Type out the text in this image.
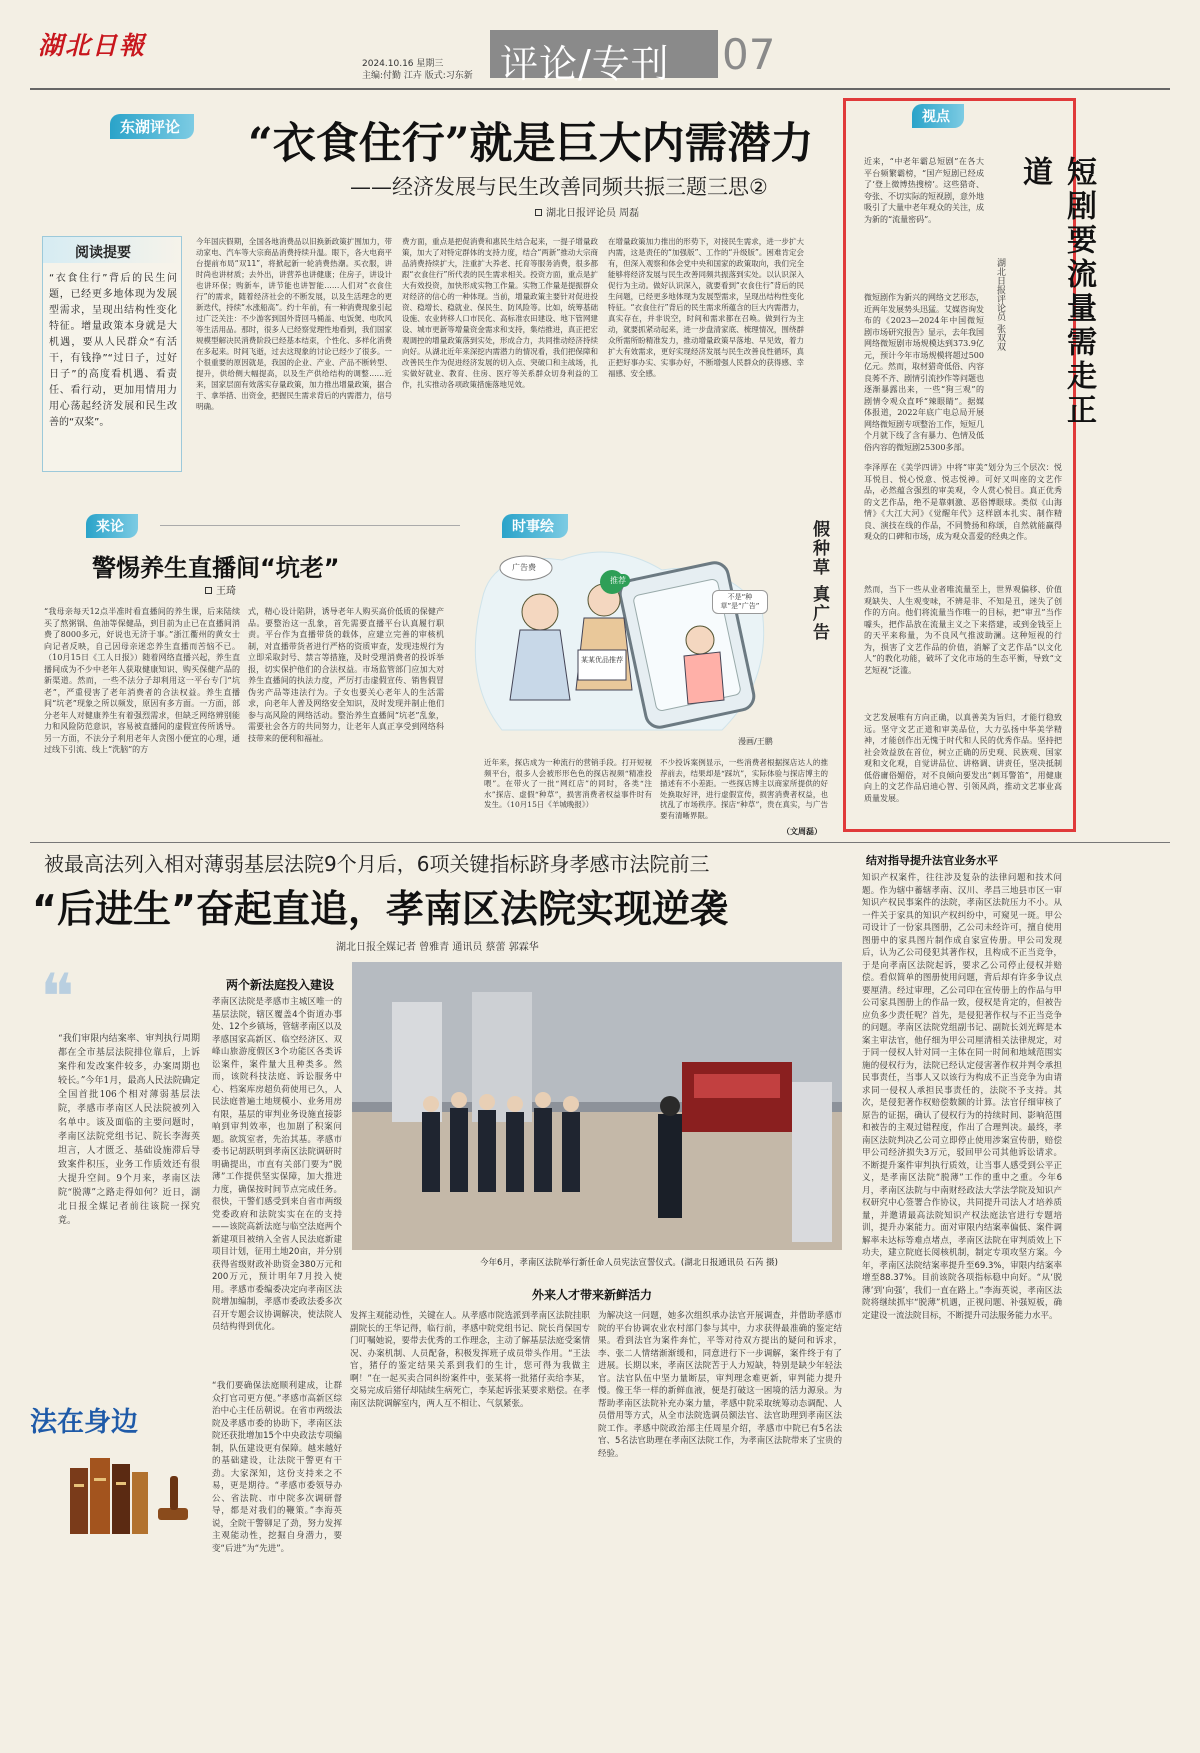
湖北日報
2024.10.16 星期三
主编:付勤 江卉 版式:习东新 评论/专刊 07
东湖评论	“衣食住行”就是巨大内需潜力
——经济发展与民生改善同频共振三题三思②
湖北日报评论员 周磊
阅读提要
“衣食住行”背后的民生问题，已经更多地体现为发展型需求，呈现出结构性变化特征。增量政策本身就是大机遇，要从人民群众“有活干，有钱挣”“过日子，过好日子”的高度看机遇、看责任、看行动，更加用情用力用心荡起经济发展和民生改善的“双桨”。
今年国庆假期，全国各地消费品以旧换新政策扩围加力，带动家电、汽车等大宗商品消费持续升温。眼下，各大电商平台提前布局“双11”，将掀起新一轮消费热潮。买衣服，讲时尚也讲材质；去外出，讲营养也讲健康；住房子，讲设计也讲环保；购新车，讲节能也讲智能……人们对“衣食住行”的需求，随着经济社会的不断发展，以及生活理念的更新迭代，持续“水涨船高”。约十年前，有一种消费现象引起过广泛关注：不少游客到国外背回马桶盖、电饭煲、电吹风等生活用品。那时，很多人已经察觉理性地看到，我们国家规模型解决民消费阶段已经基本结束，个性化、多样化消费在多起来。时间飞逝，过去这现象的讨论已经少了很多。一个很重要的原因就是，我国的企业、产业、产品不断转型、提升，供给侧大幅提高，以及生产供给结构的调整……近来，国家层面有效落实存量政策，加力推出增量政策，据合于、拿举措、出资金，把握民生需求背后的内需潜力，信号明确。
费方面，重点是把促消费和惠民生结合起来，一提子增量政策，加大了对特定群体的支持力度，结合“两新”推动大宗商品消费持续扩大，注重扩大养老、托育等服务消费，很多都跟“衣食住行”所代表的民生需求相关。投资方面，重点是扩大有效投资，加快形成实物工作量。实物工作量是提振群众对经济的信心的一种体现。当前，增量政策主要针对促进投资、稳增长、稳就业、保民生、防风险等。比如，统筹基础设施、农业转移人口市民化、高标准农田建设、地下管网建设、城市更新等增量资金需求和支持，集结推进，真正把宏观调控的增量政策落到实处，形成合力，共同推动经济持续向好。从湖北近年来深挖内需潜力的情况看，我们把保障和改善民生作为促进经济发展的切入点、突破口和主战场，扎实做好就业、教育、住房、医疗等关系群众切身利益的工作，扎实推动各项政策措施落地见效。
在增量政策加力推出的形势下，对接民生需求，进一步扩大内需，这是责任的“加强版”、工作的“升级版”。困难肯定会有，但深入观察和体会党中央和国家的政策取向，我们完全能够将经济发展与民生改善同频共振落到实处。以认识深入促行为主动。做好认识深入，就要看到“衣食住行”背后的民生问题，已经更多地体现为发展型需求，呈现出结构性变化特征。“衣食住行”背后的民生需求所蕴含的巨大内需潜力，真实存在，并非说空，时间和需求都在召唤。做到行为主动，就要抓紧动起来，进一步盘清家底、梳理情况，围绕群众所需所盼精准发力，推动增量政策早落地、早见效，着力扩大有效需求，更好实现经济发展与民生改善良性循环，真正把好事办实、实事办好，不断增强人民群众的获得感、幸福感、安全感。
来论
警惕养生直播间“坑老”
王琦
“我母亲每天12点半准时看直播间的养生课，后来陆续买了熬粥锅、鱼油等保健品，到目前为止已在直播间消费了8000多元，好说也无济于事。”浙江衢州的黄女士向记者反映，自己因母亲迷恋养生直播而苦恼不已。（10月15日《工人日报》）随着网络直播兴起，养生直播间成为不少中老年人获取健康知识、购买保健产品的新渠道。然而，一些不法分子却利用这一平台专门“坑老”，严重侵害了老年消费者的合法权益。养生直播间“坑老”现象之所以频发，原因有多方面。一方面，部分老年人对健康养生有着强烈需求，但缺乏网络辨别能力和风险防范意识，容易被直播间的虚假宣传所诱导。另一方面，不法分子利用老年人贪图小便宜的心理，通过线下引流、线上“洗脑”的方
式，精心设计陷阱，诱导老年人购买高价低质的保健产品。要整治这一乱象，首先需要直播平台认真履行职责。平台作为直播带货的载体，应建立完善的审核机制，对直播带货者进行严格的资质审查，发现违规行为立即采取封号、禁言等措施，及时受理消费者的投诉举报，切实保护他们的合法权益。市场监管部门应加大对养生直播间的执法力度，严厉打击虚假宣传、销售假冒伪劣产品等违法行为。子女也要关心老年人的生活需求，向老年人普及网络安全知识，及时发现并制止他们参与高风险的网络活动。整治养生直播间“坑老”乱象，需要社会各方的共同努力，让老年人真正享受到网络科技带来的便利和福祉。
时事绘
广告费
推荐
某某优品推荐
不是“种草”是“广告”
漫画/王鹏
假种草 真广告
近年来，探店成为一种流行的营销手段。打开短视频平台，很多人会被形形色色的探店视频“精准投喂”。在带火了一批“网红店”的同时，各类“注水”探店、虚假“种草”，损害消费者权益事件时有发生。（10月15日《羊城晚报》）
不少投诉案例显示，一些消费者根据探店达人的推荐前去，结果却是“踩坑”，实际体验与探店博主的描述有不小差距。一些探店博主以商家所提供的好处换取好评，进行虚假宣传，损害消费者权益，也扰乱了市场秩序。探店“种草”，贵在真实，与广告要有清晰界限。
（文周磊）
视点
短剧要流量需走正道
湖北日报评论员 张双双
近来，“中老年霸总短剧”在各大平台频繁霸榜，“国产短剧已经成了‘登上微博热搜榜’。这些猎奇、夸张、不切实际的短视剧，意外地吸引了大量中老年观众的关注，成为新的“流量密码”。
微短剧作为新兴的网络文艺形态，近两年发展势头迅猛。艾媒咨询发布的《2023—2024年中国微短剧市场研究报告》显示，去年我国网络微短剧市场规模达到373.9亿元，预计今年市场规模将超过500亿元。然而，取材猎奇低俗、内容良莠不齐、剧情引流抄作等问题也逐渐暴露出来，一些“狗三观”的剧情令观众直呼“辣眼睛”。据媒体报道，2022年底广电总局开展网络微短剧专项整治工作，短短几个月就下线了含有暴力、色情及低俗内容的微短剧25300多部。
李泽厚在《美学四讲》中将“审美”划分为三个层次：悦耳悦目、悦心悦意、悦志悦神。可好又叫座的文艺作品，必然蕴含强烈的审美观，令人赏心悦目。真正优秀的文艺作品，绝不是靠刺激、恶俗博眼球。类似《山海情》《大江大河》《觉醒年代》这样剧本扎实、制作精良、演技在线的作品，不同赞扬和称颂，自然就能赢得观众的口碑和市场，成为观众喜爱的经典之作。
然而，当下一些从业者唯流量至上，世界观偏移、价值观缺失、人生观变味，不辨是非、不知是丑，迷失了创作的方向。他们将流量当作唯一的目标，把“审丑”当作噱头，把作品放在流量主义之下来搭建，或到金钱至上的天平来称量，为不良风气推波助澜。这种短视的行为，损害了文艺作品的价值，消解了文艺作品“以文化人”的教化功能，破坏了文化市场的生态平衡，导致“文艺短视”泛滥。
文艺发展唯有方向正确，以真善美为旨归，才能行稳致远。坚守文艺正道和审美品位，大力弘扬中华美学精神，才能创作出无愧于时代和人民的优秀作品。坚持把社会效益放在首位，树立正确的历史观、民族观、国家观和文化观，自觉讲品位、讲格调、讲责任，坚决抵制低俗庸俗媚俗，对不良倾向要发出“刺耳警笛”，用健康向上的文艺作品启迪心智、引领风尚，推动文艺事业高质量发展。
被最高法列入相对薄弱基层法院9个月后，6项关键指标跻身孝感市法院前三
“后进生”奋起直追，孝南区法院实现逆袭
湖北日报全媒记者 曾雅青 通讯员 蔡蕾 郭霖华
❝
“我们审限内结案率、审判执行周期都在全市基层法院排位靠后，上诉案件和发改案件较多，办案周期也较长。”今年1月，最高人民法院确定全国首批106个相对薄弱基层法院，孝感市孝南区人民法院被列入名单中。该及面临的主要问题时，孝南区法院党组书记、院长李海英坦言，人才匮乏、基础设施滞后导致案件积压，业务工作质效还有很大提升空间。9个月来，孝南区法院“脱薄”之路走得如何？近日，湖北日报全媒记者前往该院一探究竟。
法在身边
两个新法庭投入建设
孝南区法院是孝感市主城区唯一的基层法院，辖区覆盖4个街道办事处、12个乡镇场，管辖孝南区以及孝感国家高新区、临空经济区、双峰山旅游度假区3个功能区各类诉讼案件，案件量大且种类多。然而，该院科技法庭、诉讼服务中心、档案库房超负荷使用已久，人民法庭普遍土地规模小、业务用房有限，基层的审判业务设施直接影响到审判效率，也加剧了积案问题。欲筑室者，先治其基。孝感市委书记胡跃明到孝南区法院调研时明确提出，市直有关部门要为“脱薄”工作提供坚实保障，加大推进力度，确保按时间节点完成任务。很快，干警们感受到来自省市两级党委政府和法院实实在在的支持——该院高新法庭与临空法庭两个新建项目被纳入全省人民法庭新建项目计划，征用土地20亩，并分别获得省级财政补助资金380万元和200万元，预计明年7月投入使用。孝感市委编委决定向孝南区法院增加编制，孝感市委政法委多次召开专题会议协调解决，使法院人员结构得到优化。
“我们要确保法庭顺利建成，让群众打官司更方便。”孝感市高新区综治中心主任岳朝说。在省市两级法院及孝感市委的协助下，孝南区法院还获批增加15个中央政法专项编制，队伍建设更有保障。越来越好的基础建设，让法院干警更有干劲。大家深知，这份支持来之不易，更是期待。“孝感市委领导办公、省法院、市中院多次调研督导，都是对我们的鞭策。”李海英说，全院干警铆足了劲，努力发挥主观能动性，挖掘自身潜力，要变“后进”为“先进”。
今年6月，孝南区法院举行新任命人员宪法宣誓仪式。(湖北日报通讯员 石芮 摄)
外来人才带来新鲜活力
发挥主观能动性，关键在人。从孝感市院选派到孝南区法院挂职副院长的王华记得，临行前，孝感中院党组书记、院长肖保国专门叮嘱她说，要带去优秀的工作理念，主动了解基层法庭受案情况、办案机制、人员配备，积极发挥班子成员带头作用。“王法官，猪仔的鉴定结果关系到我们的生计，您可得为我做主啊！”在一起买卖合同纠纷案件中，张某将一批猪仔卖给李某，交易完成后猪仔却陆续生病死亡，李某起诉张某要求赔偿。在孝南区法院调解室内，两人互不相让、气氛紧张。
为解决这一问题，她多次组织承办法官开展调查，并借助孝感市院的平台协调农业农村部门参与其中，力求获得最准确的鉴定结果。看到法官为案件奔忙，平等对待双方提出的疑问和诉求，李、张二人情绪渐渐缓和，同意进行下一步调解，案件终于有了进展。长期以来，孝南区法院苦于人力短缺，特别是缺少年轻法官。法官队伍中坚力量断层，审判理念难更新，审判能力提升慢。像王华一样的新鲜血液，便是打破这一困境的活力源泉。为帮助孝南区法院补充办案力量，孝感中院采取统筹动态调配、人员借用等方式，从全市法院选调员额法官、法官助理到孝南区法院工作。孝感中院政治部主任周星介绍，孝感市中院已有5名法官、5名法官助理在孝南区法院工作，为孝南区法院带来了宝贵的经验。
结对指导提升法官业务水平
知识产权案件，往往涉及复杂的法律问题和技术问题。作为辖中蓄辖孝南、汉川、孝昌三地县市区一审知识产权民事案件的法院，孝南区法院压力不小。从一件关于家具的知识产权纠纷中，可窥见一斑。甲公司设计了一份家具图册，乙公司未经许可，擅自使用图册中的家具图片制作成自家宣传册。甲公司发现后，认为乙公司侵犯其著作权，且构成不正当竞争，于是向孝南区法院起诉，要求乙公司停止侵权并赔偿。看似简单的图册使用问题，背后却有许多争议点要厘清。经过审理，乙公司印在宣传册上的作品与甲公司家具图册上的作品一致，侵权是肯定的，但被告应负多少责任呢？首先，是侵犯著作权与不正当竞争的问题。孝南区法院党组副书记、副院长刘光辉是本案主审法官，他仔细为甲公司厘清相关法律规定，对于同一侵权人针对同一主体在同一时间和地域范围实施的侵权行为，法院已经认定侵害著作权并判令承担民事责任，当事人又以该行为构成不正当竞争为由请求同一侵权人承担民事责任的，法院不予支持。其次，是侵犯著作权赔偿数额的计算。法官仔细审核了原告的证据，确认了侵权行为的持续时间、影响范围和被告的主观过错程度，作出了合理判决。最终，孝南区法院判决乙公司立即停止使用涉案宣传册，赔偿甲公司经济损失3万元，驳回甲公司其他诉讼请求。不断提升案件审判执行质效，让当事人感受到公平正义，是孝南区法院“脱薄”工作的重中之重。今年6月，孝南区法院与中南财经政法大学法学院及知识产权研究中心签署合作协议，共同提升司法人才培养质量，并邀请最高法院知识产权法庭法官进行专题培训，提升办案能力。面对审限内结案率偏低、案件调解率未达标等难点堵点，孝南区法院在审判质效上下功夫，建立院庭长阅核机制，制定专项攻坚方案。今年，孝南区法院结案率提升至69.3%，审限内结案率增至88.37%。目前该院各项指标稳中向好。“从‘脱薄’到‘向强’，我们一直在路上。”李海英说，孝南区法院将继续抓牢“脱薄”机遇，正视问题、补强短板，确定建设一流法院目标，不断提升司法服务能力水平。
